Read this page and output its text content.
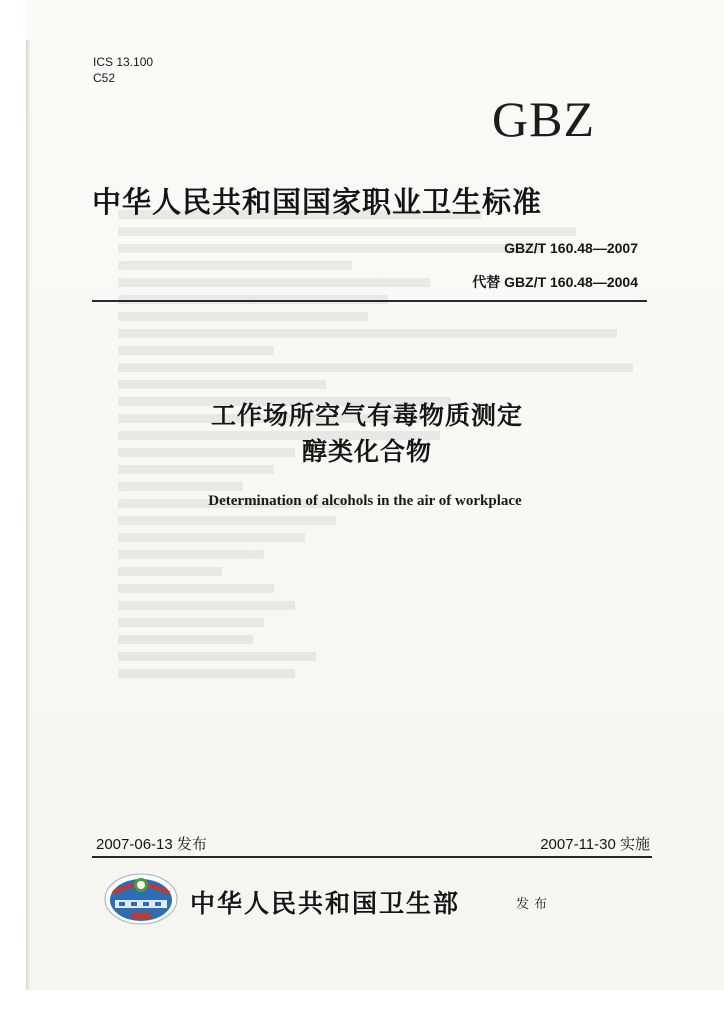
ICS 13.100
C52
GBZ
中华人民共和国国家职业卫生标准
GBZ/T 160.48—2007
代替 GBZ/T 160.48—2004
工作场所空气有毒物质测定
醇类化合物
Determination of alcohols in the air of workplace
2007-06-13 发布	2007-11-30 实施
中华人民共和国卫生部	发布
